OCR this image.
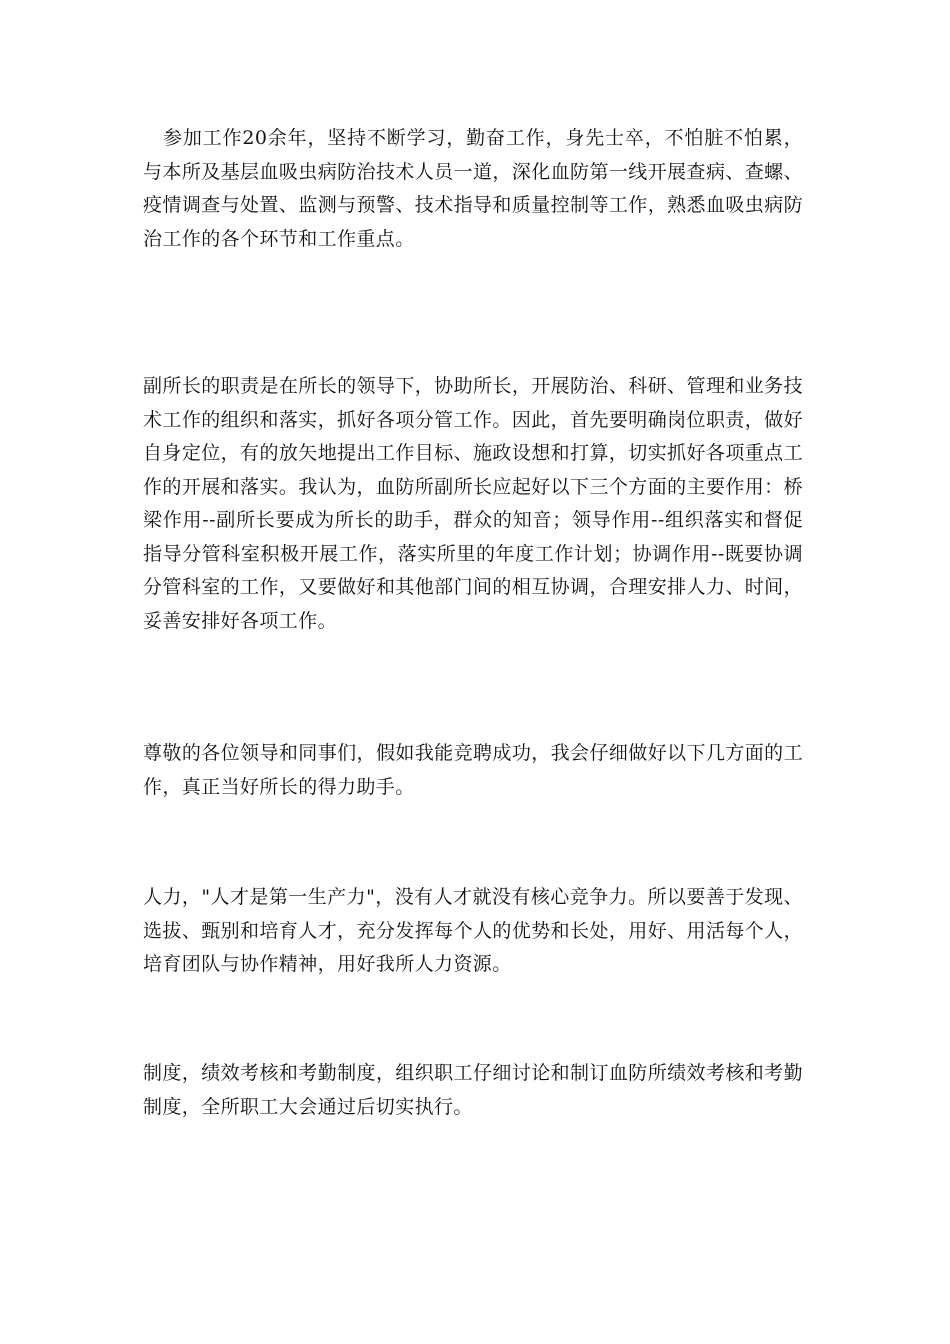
参加工作20余年，坚持不断学习，勤奋工作，身先士卒，不怕脏不怕累，与本所及基层血吸虫病防治技术人员一道，深化血防第一线开展查病、查螺、疫情调查与处置、监测与预警、技术指导和质量控制等工作，熟悉血吸虫病防治工作的各个环节和工作重点。

副所长的职责是在所长的领导下，协助所长，开展防治、科研、管理和业务技术工作的组织和落实，抓好各项分管工作。因此，首先要明确岗位职责，做好自身定位，有的放矢地提出工作目标、施政设想和打算，切实抓好各项重点工作的开展和落实。我认为，血防所副所长应起好以下三个方面的主要作用：桥梁作用--副所长要成为所长的助手，群众的知音；领导作用--组织落实和督促指导分管科室积极开展工作，落实所里的年度工作计划；协调作用--既要协调分管科室的工作，又要做好和其他部门间的相互协调，合理安排人力、时间，妥善安排好各项工作。

尊敬的各位领导和同事们，假如我能竞聘成功，我会仔细做好以下几方面的工作，真正当好所长的得力助手。

人力，"人才是第一生产力"，没有人才就没有核心竞争力。所以要善于发现、选拔、甄别和培育人才，充分发挥每个人的优势和长处，用好、用活每个人，培育团队与协作精神，用好我所人力资源。

制度，绩效考核和考勤制度，组织职工仔细讨论和制订血防所绩效考核和考勤制度，全所职工大会通过后切实执行。
